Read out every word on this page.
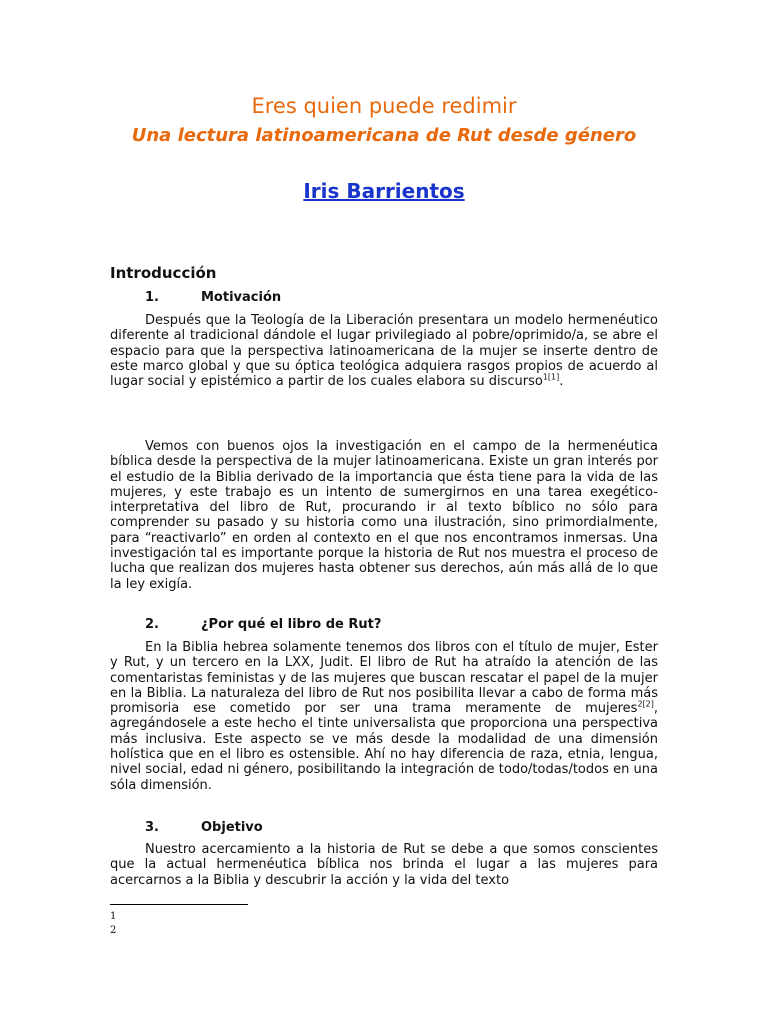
Eres quien puede redimir
Una lectura latinoamericana de Rut desde género
Iris Barrientos
Introducción
1.	Motivación
Después que la Teología de la Liberación presentara un modelo hermenéutico diferente al tradicional dándole el lugar privilegiado al pobre/oprimido/a, se abre el espacio para que la perspectiva latinoamericana de la mujer se inserte dentro de este marco global y que su óptica teológica adquiera rasgos propios de acuerdo al lugar social y epistémico a partir de los cuales elabora su discurso$^{1[1]}$.
Vemos con buenos ojos la investigación en el campo de la hermenéutica bíblica desde la perspectiva de la mujer latinoamericana. Existe un gran interés por el estudio de la Biblia derivado de la importancia que ésta tiene para la vida de las mujeres, y este trabajo es un intento de sumergirnos en una tarea exegético-interpretativa del libro de Rut, procurando ir al texto bíblico no sólo para comprender su pasado y su historia como una ilustración, sino primordialmente, para “reactivarlo” en orden al contexto en el que nos encontramos inmersas. Una investigación tal es importante porque la historia de Rut nos muestra el proceso de lucha que realizan dos mujeres hasta obtener sus derechos, aún más allá de lo que la ley exigía.
2.	¿Por qué el libro de Rut?
En la Biblia hebrea solamente tenemos dos libros con el título de mujer, Ester y Rut, y un tercero en la LXX, Judit. El libro de Rut ha atraído la atención de las comentaristas feministas y de las mujeres que buscan rescatar el papel de la mujer en la Biblia. La naturaleza del libro de Rut nos posibilita llevar a cabo de forma más promisoria ese cometido por ser una trama meramente de mujeres$^{2[2]}$, agregándosele a este hecho el tinte universalista que proporciona una perspectiva más inclusiva. Este aspecto se ve más desde la modalidad de una dimensión holística que en el libro es ostensible. Ahí no hay diferencia de raza, etnia, lengua, nivel social, edad ni género, posibilitando la integración de todo/todas/todos en una sóla dimensión.
3.	Objetivo
Nuestro acercamiento a la historia de Rut se debe a que somos conscientes que la actual hermenéutica bíblica nos brinda el lugar a las mujeres para acercarnos a la Biblia y descubrir la acción y la vida del texto
1
2
